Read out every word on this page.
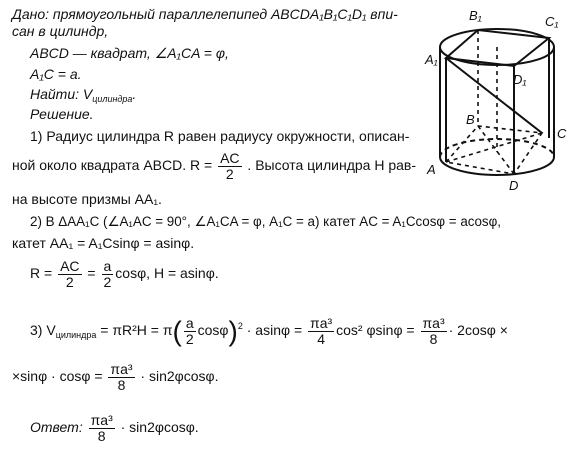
Дано: прямоугольный параллелепипед ABCDA₁B₁C₁D₁ впи-
сан в цилиндр,
ABCD — квадрат, ∠A₁CA = φ,
A₁C = a.
Найти: $V_{цилиндра}$.
Решение.
1) Радиус цилиндра R равен радиусу окружности, описан-
ной около квадрата ABCD. $R = \frac{AC}{2}$ . Высота цилиндра H рав-
на высоте призмы AA₁.
2) В ΔAA₁C (∠A₁AC = 90°, ∠A₁CA = φ, A₁C = a) катет AC = A₁Ccosφ = acosφ,
катет AA₁ = A₁Csinφ = asinφ.
$R = \frac{AC}{2} = \frac{a}{2} \cos\varphi$, H = asinφ.
3) $V_{цилиндра} = \pi R^2H = \pi( \frac{a}{2} \cos\varphi)^2 \cdot asin\varphi = \frac{\text{πa³}}{4} \cos^2$ $\varphi\sin\varphi = \frac{\text{πa³}}{8} \cdot 2\cos\varphi$ ×
$\times\sin\varphi \cdot \cos\varphi = \frac{\text{πa³}}{8} \cdot \sin 2\varphi\cos\varphi$.
Ответ: $\frac{\text{πa³}}{8} \cdot \sin 2\varphi\cos\varphi$.
B₁	C₁
A₁
D₁
B
C
A
D
